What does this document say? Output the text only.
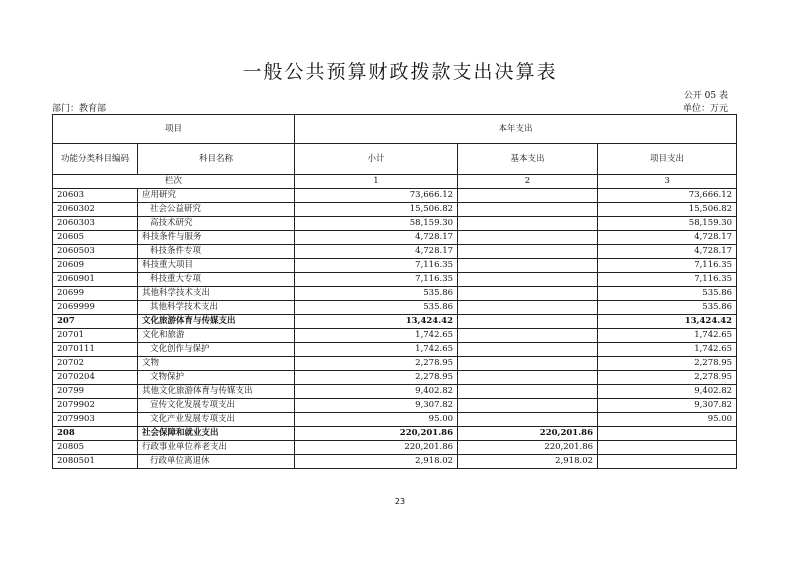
一般公共预算财政拨款支出决算表
公开 05 表
部门：教育部	单位：万元
项目		本年支出		
功能分类科目编码	科目名称	小计	基本支出	项目支出
栏次		1	2	3
20603	应用研究	73,666.12		73,666.12
2060302	社会公益研究	15,506.82		15,506.82
2060303	高技术研究	58,159.30		58,159.30
20605	科技条件与服务	4,728.17		4,728.17
2060503	科技条件专项	4,728.17		4,728.17
20609	科技重大项目	7,116.35		7,116.35
2060901	科技重大专项	7,116.35		7,116.35
20699	其他科学技术支出	535.86		535.86
2069999	其他科学技术支出	535.86		535.86
207	文化旅游体育与传媒支出	13,424.42		13,424.42
20701	文化和旅游	1,742.65		1,742.65
2070111	文化创作与保护	1,742.65		1,742.65
20702	文物	2,278.95		2,278.95
2070204	文物保护	2,278.95		2,278.95
20799	其他文化旅游体育与传媒支出	9,402.82		9,402.82
2079902	宣传文化发展专项支出	9,307.82		9,307.82
2079903	文化产业发展专项支出	95.00		95.00
208	社会保障和就业支出	220,201.86	220,201.86	
20805	行政事业单位养老支出	220,201.86	220,201.86	
2080501	行政单位离退休	2,918.02	2,918.02	
23
